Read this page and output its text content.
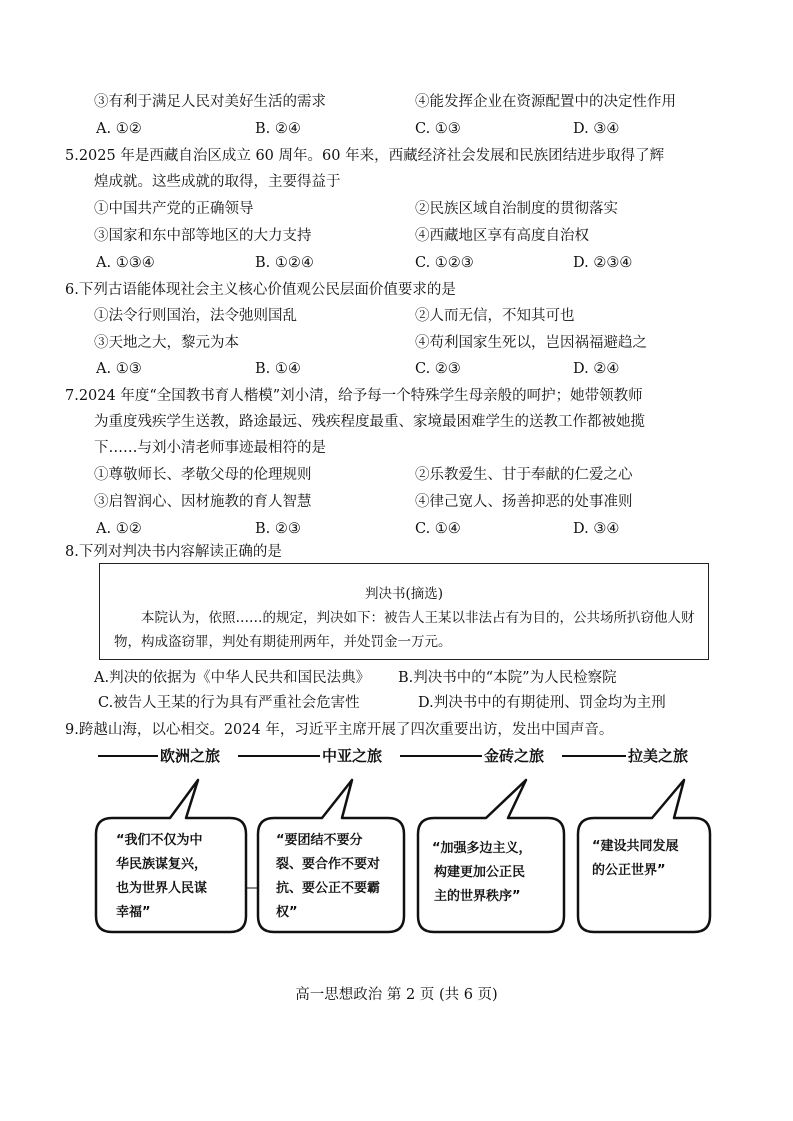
③有利于满足人民对美好生活的需求	④能发挥企业在资源配置中的决定性作用
A. ①②	B. ②④	C. ①③	D. ③④
5.2025 年是西藏自治区成立 60 周年。60 年来，西藏经济社会发展和民族团结进步取得了辉
煌成就。这些成就的取得，主要得益于
①中国共产党的正确领导	②民族区域自治制度的贯彻落实
③国家和东中部等地区的大力支持	④西藏地区享有高度自治权
A. ①③④	B. ①②④	C. ①②③	D. ②③④
6.下列古语能体现社会主义核心价值观公民层面价值要求的是
①法令行则国治，法令弛则国乱	②人而无信，不知其可也
③天地之大，黎元为本	④苟利国家生死以，岂因祸福避趋之
A. ①③	B. ①④	C. ②③	D. ②④
7.2024 年度“全国教书育人楷模”刘小清，给予每一个特殊学生母亲般的呵护；她带领教师
为重度残疾学生送教，路途最远、残疾程度最重、家境最困难学生的送教工作都被她揽
下……与刘小清老师事迹最相符的是
①尊敬师长、孝敬父母的伦理规则	②乐教爱生、甘于奉献的仁爱之心
③启智润心、因材施教的育人智慧	④律己宽人、扬善抑恶的处事准则
A. ①②	B. ②③	C. ①④	D. ③④
8.下列对判决书内容解读正确的是
判决书(摘选)
本院认为，依照……的规定，判决如下：被告人王某以非法占有为目的，公共场所扒窃他人财物，构成盗窃罪，判处有期徒刑两年，并处罚金一万元。
A.判决的依据为《中华人民共和国民法典》 B.判决书中的“本院”为人民检察院
C.被告人王某的行为具有严重社会危害性	D.判决书中的有期徒刑、罚金均为主刑
9.跨越山海，以心相交。2024 年，习近平主席开展了四次重要出访，发出中国声音。
欧洲之旅	中亚之旅	金砖之旅	拉美之旅
“我们不仅为中
华民族谋复兴，
也为世界人民谋
幸福”
“要团结不要分
裂、要合作不要对
抗、要公正不要霸
权”
“加强多边主义，
构建更加公正民
主的世界秩序”
“建设共同发展
的公正世界”
高一思想政治 第 2 页 (共 6 页)
